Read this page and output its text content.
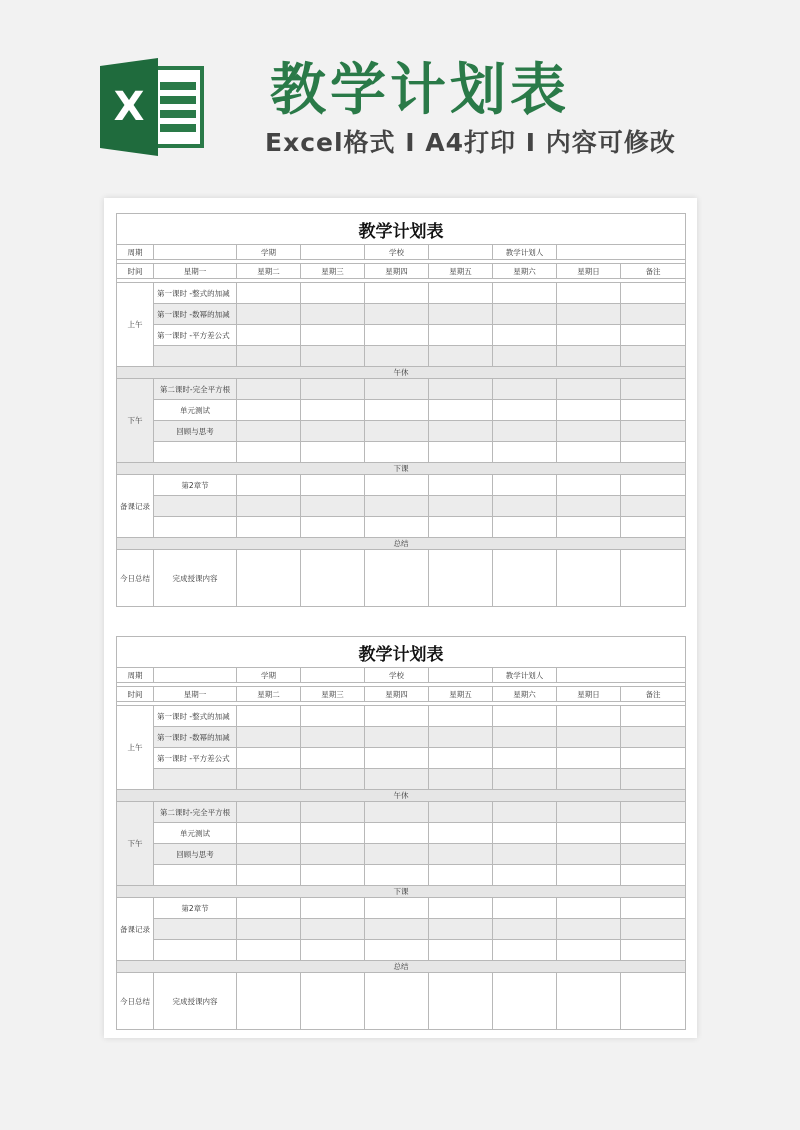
X 教学计划表
Excel格式 I A4打印 I 内容可修改
教学计划表								
周期		学期		学校		教学计划人		

时间	星期一	星期二	星期三	星期四	星期五	星期六	星期日	备注

上午	第一课时 -整式的加减							
	第一课时 -数幂的加减							
	第一课时 -平方差公式							

午休								
下午	第二课时-完全平方根							
	单元测试							
	回顾与思考							

下课								
备课记录	第2章节							

总结								
今日总结	完成授课内容							
教学计划表								
周期		学期		学校		教学计划人		

时间	星期一	星期二	星期三	星期四	星期五	星期六	星期日	备注

上午	第一课时 -整式的加减							
	第一课时 -数幂的加减							
	第一课时 -平方差公式							

午休								
下午	第二课时-完全平方根							
	单元测试							
	回顾与思考							

下课								
备课记录	第2章节							

总结								
今日总结	完成授课内容							
